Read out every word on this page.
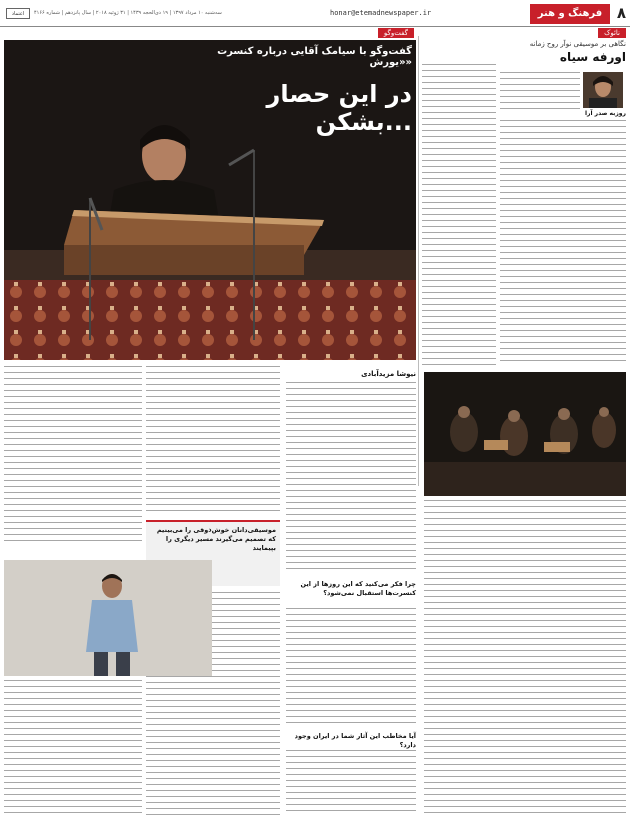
۸
فرهنگ و هنر
honar@etemadnewspaper.ir
سه‌شنبه ۱۰ مرداد ۱۳۹۷ | ۱۹ ذی‌الحجه ۱۴۳۹ | ۳۱ ژوئیه ۲۰۱۸ | سال پانزدهم | شماره ۴۱۶۶
اعتماد
نائوک
نگاهی بر موسیقی نوآر روح زمانه
اورفه سیاه
روزبه صدر آرا
گفت‌وگو
گفت‌وگو با سیامک آقایی درباره کنسرت «یورش»
در این حصار بشکن...
نیوشا مزیدآبادی
موسیقی‌دانان خوش‌ذوقی را می‌بینیم که تصمیم می‌گیرند مسیر دیگری را بپیمایند
چرا فکر می‌کنید که این روزها از این کنسرت‌ها استقبال نمی‌شود؟
آیا مخاطب این آثار شما در ایران وجود دارد؟
